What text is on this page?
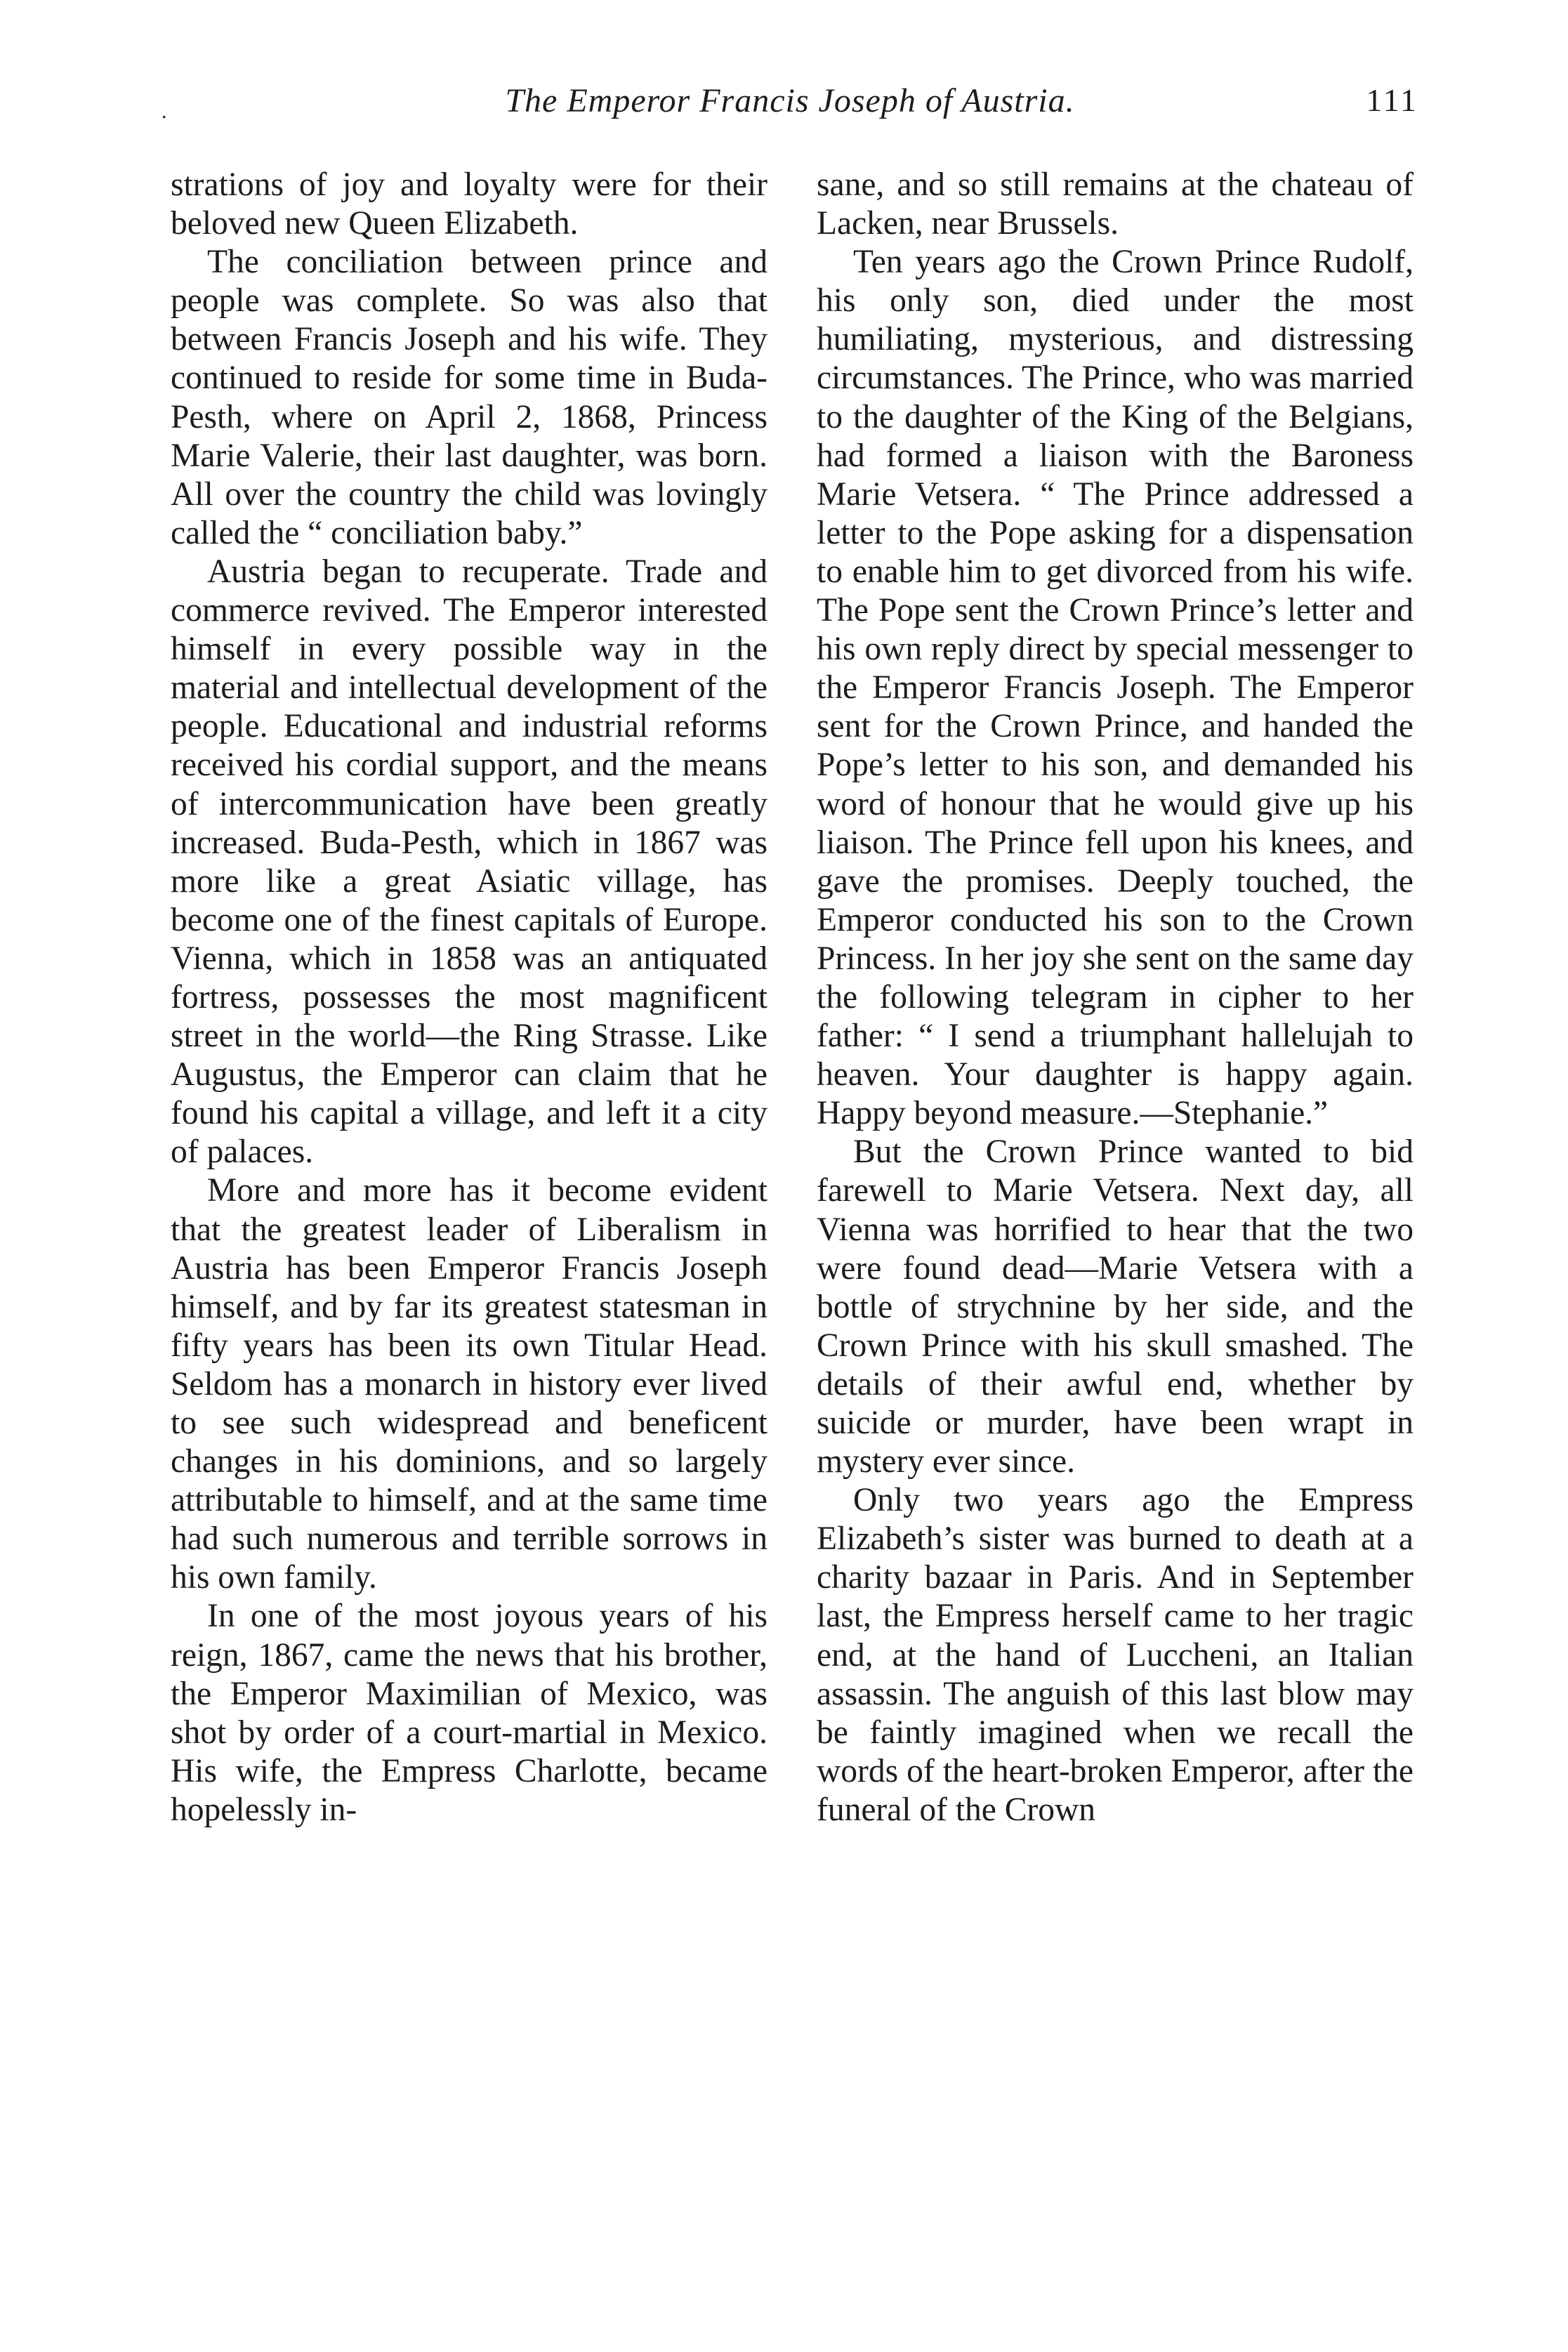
.	The Emperor Francis Joseph of Austria.	111

strations of joy and loyalty were for their beloved new Queen Elizabeth.

The conciliation between prince and people was complete. So was also that between Francis Joseph and his wife. They continued to reside for some time in Buda-Pesth, where on April 2, 1868, Princess Marie Valerie, their last daughter, was born. All over the country the child was lovingly called the “ conciliation baby.”

Austria began to recuperate. Trade and commerce revived. The Emperor interested himself in every possible way in the material and intellectual development of the people. Educational and industrial reforms received his cordial support, and the means of intercommunication have been greatly increased. Buda-Pesth, which in 1867 was more like a great Asiatic village, has become one of the finest capitals of Europe. Vienna, which in 1858 was an antiquated fortress, possesses the most magnificent street in the world—the Ring Strasse. Like Augustus, the Emperor can claim that he found his capital a village, and left it a city of palaces.

More and more has it become evident that the greatest leader of Liberalism in Austria has been Emperor Francis Joseph himself, and by far its greatest statesman in fifty years has been its own Titular Head. Seldom has a monarch in history ever lived to see such widespread and beneficent changes in his dominions, and so largely attributable to himself, and at the same time had such numerous and terrible sorrows in his own family.

In one of the most joyous years of his reign, 1867, came the news that his brother, the Emperor Maximilian of Mexico, was shot by order of a court-martial in Mexico. His wife, the Empress Charlotte, became hopelessly in-

sane, and so still remains at the chateau of Lacken, near Brussels.

Ten years ago the Crown Prince Rudolf, his only son, died under the most humiliating, mysterious, and distressing circumstances. The Prince, who was married to the daughter of the King of the Belgians, had formed a liaison with the Baroness Marie Vetsera. “ The Prince addressed a letter to the Pope asking for a dispensation to enable him to get divorced from his wife. The Pope sent the Crown Prince’s letter and his own reply direct by special messenger to the Emperor Francis Joseph. The Emperor sent for the Crown Prince, and handed the Pope’s letter to his son, and demanded his word of honour that he would give up his liaison. The Prince fell upon his knees, and gave the promises. Deeply touched, the Emperor conducted his son to the Crown Princess. In her joy she sent on the same day the following telegram in cipher to her father: “ I send a triumphant hallelujah to heaven. Your daughter is happy again. Happy beyond measure.—Stephanie.”

But the Crown Prince wanted to bid farewell to Marie Vetsera. Next day, all Vienna was horrified to hear that the two were found dead—Marie Vetsera with a bottle of strychnine by her side, and the Crown Prince with his skull smashed. The details of their awful end, whether by suicide or murder, have been wrapt in mystery ever since.

Only two years ago the Empress Elizabeth’s sister was burned to death at a charity bazaar in Paris. And in September last, the Empress herself came to her tragic end, at the hand of Luccheni, an Italian assassin. The anguish of this last blow may be faintly imagined when we recall the words of the heart-broken Emperor, after the funeral of the Crown
